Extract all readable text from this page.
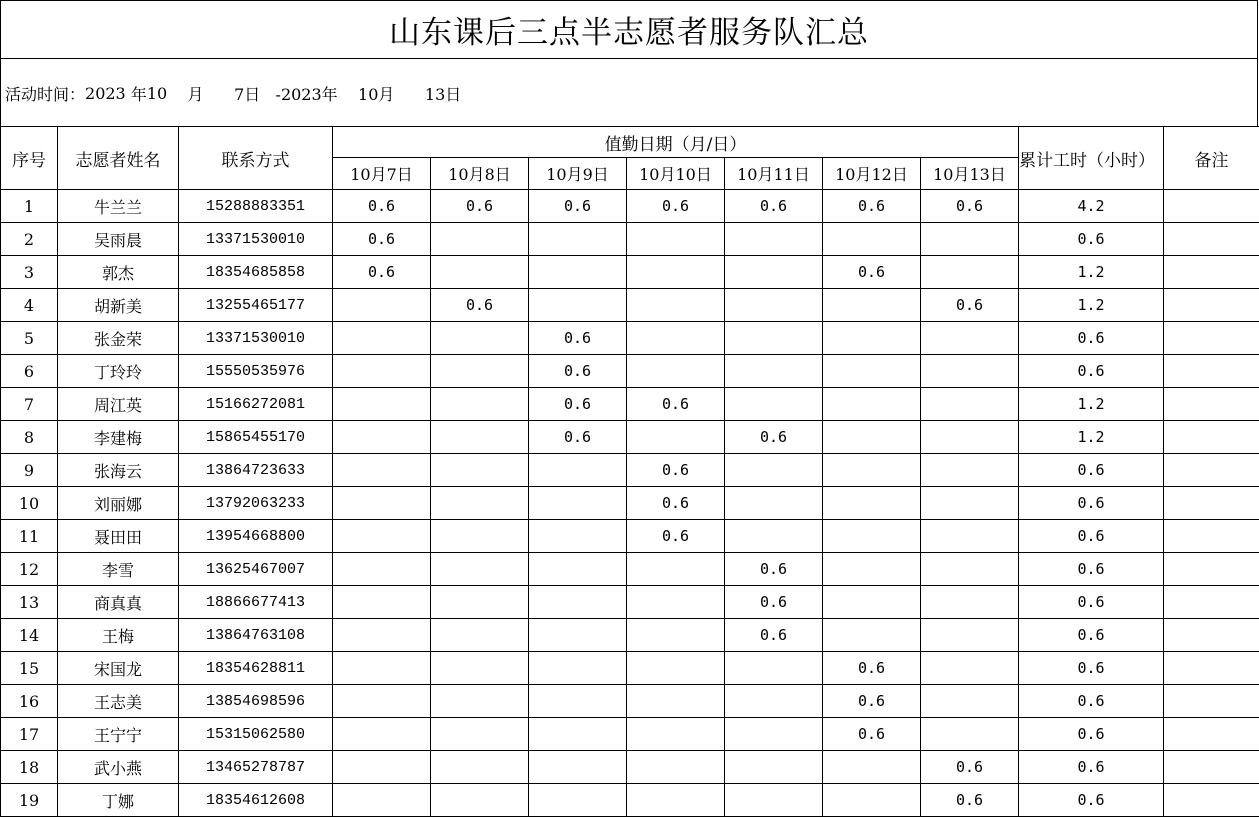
山东课后三点半志愿者服务队汇总
活动时间： 2023
年 10
月
7日
-2023年
10月
13日
序号	志愿者姓名	联系方式	值勤日期（月/日）							累计工时（小时）	备注
			10月7日	10月8日	10月9日	10月10日	10月11日	10月12日	10月13日		
1	牛兰兰	15288883351	0.6	0.6	0.6	0.6	0.6	0.6	0.6	4.2	
2	吴雨晨	13371530010	0.6							0.6	
3	郭杰	18354685858	0.6					0.6		1.2	
4	胡新美	13255465177		0.6					0.6	1.2	
5	张金荣	13371530010			0.6					0.6	
6	丁玲玲	15550535976			0.6					0.6	
7	周江英	15166272081			0.6	0.6				1.2	
8	李建梅	15865455170			0.6		0.6			1.2	
9	张海云	13864723633				0.6				0.6	
10	刘丽娜	13792063233				0.6				0.6	
11	聂田田	13954668800				0.6				0.6	
12	李雪	13625467007					0.6			0.6	
13	商真真	18866677413					0.6			0.6	
14	王梅	13864763108					0.6			0.6	
15	宋国龙	18354628811						0.6		0.6	
16	王志美	13854698596						0.6		0.6	
17	王宁宁	15315062580						0.6		0.6	
18	武小燕	13465278787							0.6	0.6	
19	丁娜	18354612608							0.6	0.6	
